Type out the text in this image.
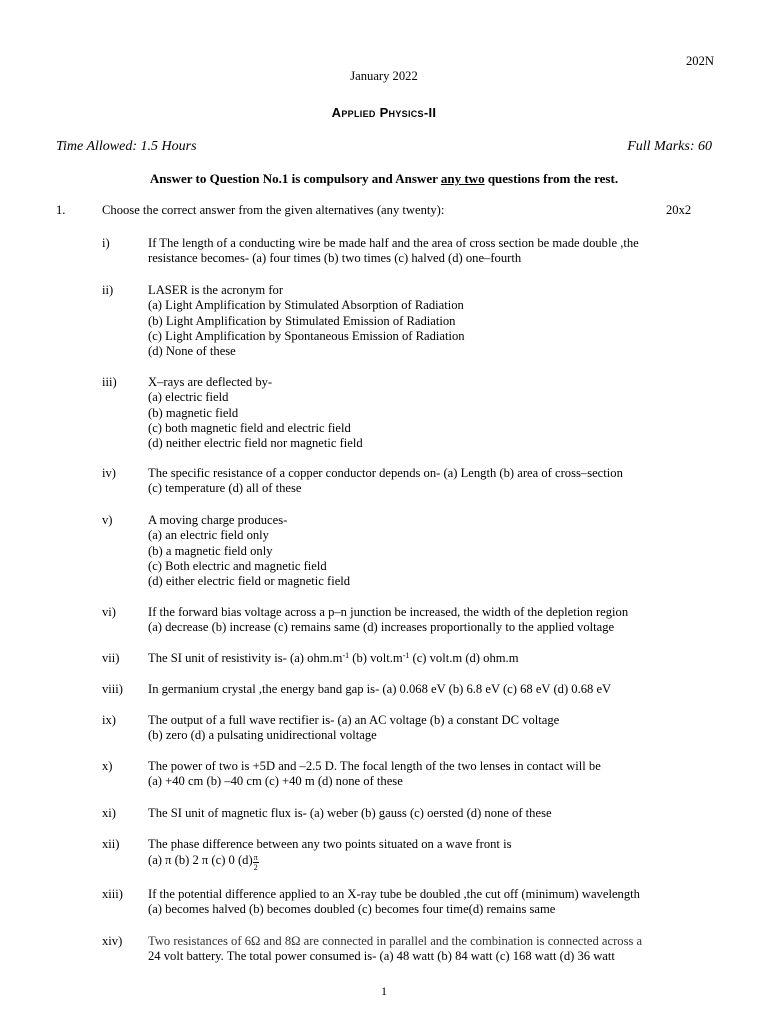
202N
January 2022
Applied Physics-II
Time Allowed: 1.5 Hours	Full Marks: 60
Answer to Question No.1 is compulsory and Answer any two questions from the rest.
1.	Choose the correct answer from the given alternatives (any twenty):	20x2
i)	If The length of a conducting wire be made half and the area of cross section be made double ,the
resistance becomes- (a) four times (b) two times (c) halved (d) one–fourth
ii)	LASER is the acronym for
(a) Light Amplification by Stimulated Absorption of Radiation
(b) Light Amplification by Stimulated Emission of Radiation
(c) Light Amplification by Spontaneous Emission of Radiation
(d) None of these
iii) X–rays are deflected by-
(a) electric field
(b) magnetic field
(c) both magnetic field and electric field
(d) neither electric field nor magnetic field
iv)	The specific resistance of a copper conductor depends on- (a) Length (b) area of cross–section
(c) temperature (d) all of these
v)	A moving charge produces-
(a) an electric field only
(b) a magnetic field only
(c) Both electric and magnetic field
(d) either electric field or magnetic field
vi)	If the forward bias voltage across a p–n junction be increased, the width of the depletion region
(a) decrease (b) increase (c) remains same (d) increases proportionally to the applied voltage
vii) The SI unit of resistivity is- (a) $ohm.m^{-1}$ (b) $volt.m^{-1}$ (c) volt.m (d) ohm.m
viii) In germanium crystal ,the energy band gap is- (a) 0.068 eV (b) 6.8 eV (c) 68 eV (d) 0.68 eV
ix)	The output of a full wave rectifier is- (a) an AC voltage (b) a constant DC voltage
(b) zero (d) a pulsating unidirectional voltage
x)	The power of two is +5D and –2.5 D. The focal length of the two lenses in contact will be
(a) +40 cm (b) –40 cm (c) +40 m (d) none of these
xi)	The SI unit of magnetic flux is- (a) weber (b) gauss (c) oersted (d) none of these
xii) The phase difference between any two points situated on a wave front is
(a) π (b) 2 π (c) 0 $(d) \frac{\pi}{2}$
xiii) If the potential difference applied to an X-ray tube be doubled ,the cut off (minimum) wavelength
(a) becomes halved (b) becomes doubled (c) becomes four time(d) remains same
xiv) Two resistances of 6Ω and 8Ω are connected in parallel and the combination is connected across a
24 volt battery. The total power consumed is- (a) 48 watt (b) 84 watt (c) 168 watt (d) 36 watt
1
